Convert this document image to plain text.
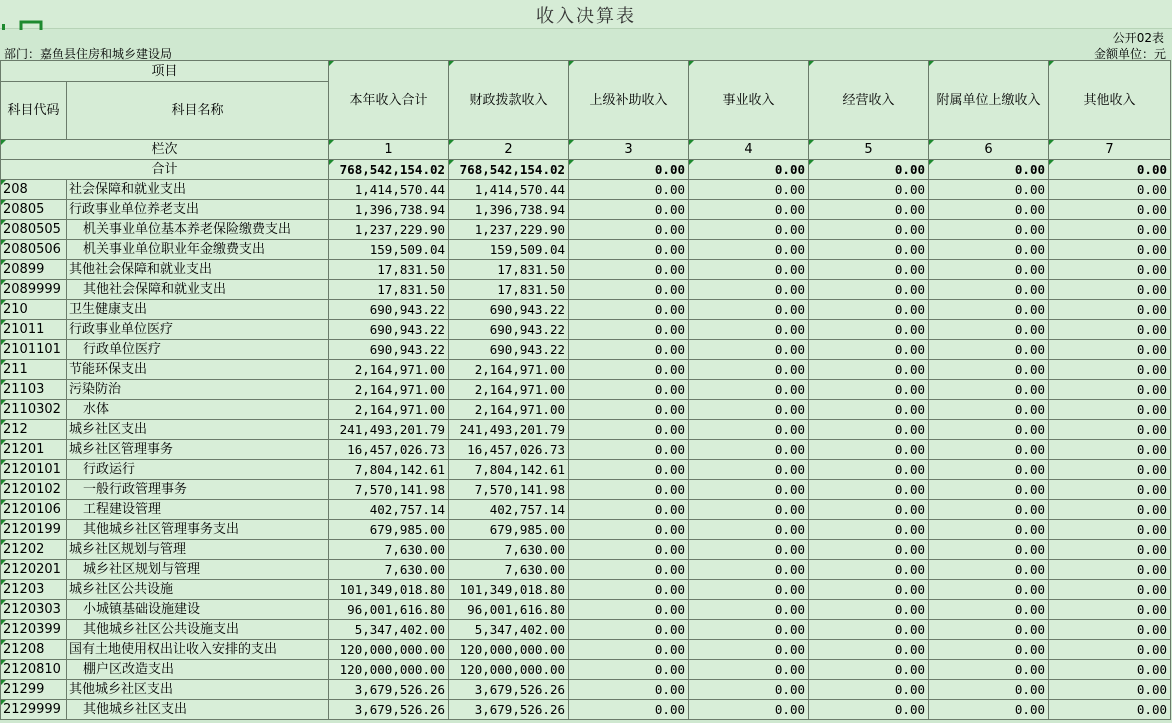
收入决算表
公开02表
部门：嘉鱼县住房和城乡建设局	金额单位：元
项目		本年收入合计	财政拨款收入	上级补助收入	事业收入	经营收入	附属单位上缴收入	其他收入
科目代码	科目名称							
栏次		1	2	3	4	5	6	7
合计		768,542,154.02	768,542,154.02	0.00	0.00	0.00	0.00	0.00
208	社会保障和就业支出	1,414,570.44	1,414,570.44	0.00	0.00	0.00	0.00	0.00
20805	行政事业单位养老支出	1,396,738.94	1,396,738.94	0.00	0.00	0.00	0.00	0.00
2080505	机关事业单位基本养老保险缴费支出	1,237,229.90	1,237,229.90	0.00	0.00	0.00	0.00	0.00
2080506	机关事业单位职业年金缴费支出	159,509.04	159,509.04	0.00	0.00	0.00	0.00	0.00
20899	其他社会保障和就业支出	17,831.50	17,831.50	0.00	0.00	0.00	0.00	0.00
2089999	其他社会保障和就业支出	17,831.50	17,831.50	0.00	0.00	0.00	0.00	0.00
210	卫生健康支出	690,943.22	690,943.22	0.00	0.00	0.00	0.00	0.00
21011	行政事业单位医疗	690,943.22	690,943.22	0.00	0.00	0.00	0.00	0.00
2101101	行政单位医疗	690,943.22	690,943.22	0.00	0.00	0.00	0.00	0.00
211	节能环保支出	2,164,971.00	2,164,971.00	0.00	0.00	0.00	0.00	0.00
21103	污染防治	2,164,971.00	2,164,971.00	0.00	0.00	0.00	0.00	0.00
2110302	水体	2,164,971.00	2,164,971.00	0.00	0.00	0.00	0.00	0.00
212	城乡社区支出	241,493,201.79	241,493,201.79	0.00	0.00	0.00	0.00	0.00
21201	城乡社区管理事务	16,457,026.73	16,457,026.73	0.00	0.00	0.00	0.00	0.00
2120101	行政运行	7,804,142.61	7,804,142.61	0.00	0.00	0.00	0.00	0.00
2120102	一般行政管理事务	7,570,141.98	7,570,141.98	0.00	0.00	0.00	0.00	0.00
2120106	工程建设管理	402,757.14	402,757.14	0.00	0.00	0.00	0.00	0.00
2120199	其他城乡社区管理事务支出	679,985.00	679,985.00	0.00	0.00	0.00	0.00	0.00
21202	城乡社区规划与管理	7,630.00	7,630.00	0.00	0.00	0.00	0.00	0.00
2120201	城乡社区规划与管理	7,630.00	7,630.00	0.00	0.00	0.00	0.00	0.00
21203	城乡社区公共设施	101,349,018.80	101,349,018.80	0.00	0.00	0.00	0.00	0.00
2120303	小城镇基础设施建设	96,001,616.80	96,001,616.80	0.00	0.00	0.00	0.00	0.00
2120399	其他城乡社区公共设施支出	5,347,402.00	5,347,402.00	0.00	0.00	0.00	0.00	0.00
21208	国有土地使用权出让收入安排的支出	120,000,000.00	120,000,000.00	0.00	0.00	0.00	0.00	0.00
2120810	棚户区改造支出	120,000,000.00	120,000,000.00	0.00	0.00	0.00	0.00	0.00
21299	其他城乡社区支出	3,679,526.26	3,679,526.26	0.00	0.00	0.00	0.00	0.00
2129999	其他城乡社区支出	3,679,526.26	3,679,526.26	0.00	0.00	0.00	0.00	0.00
